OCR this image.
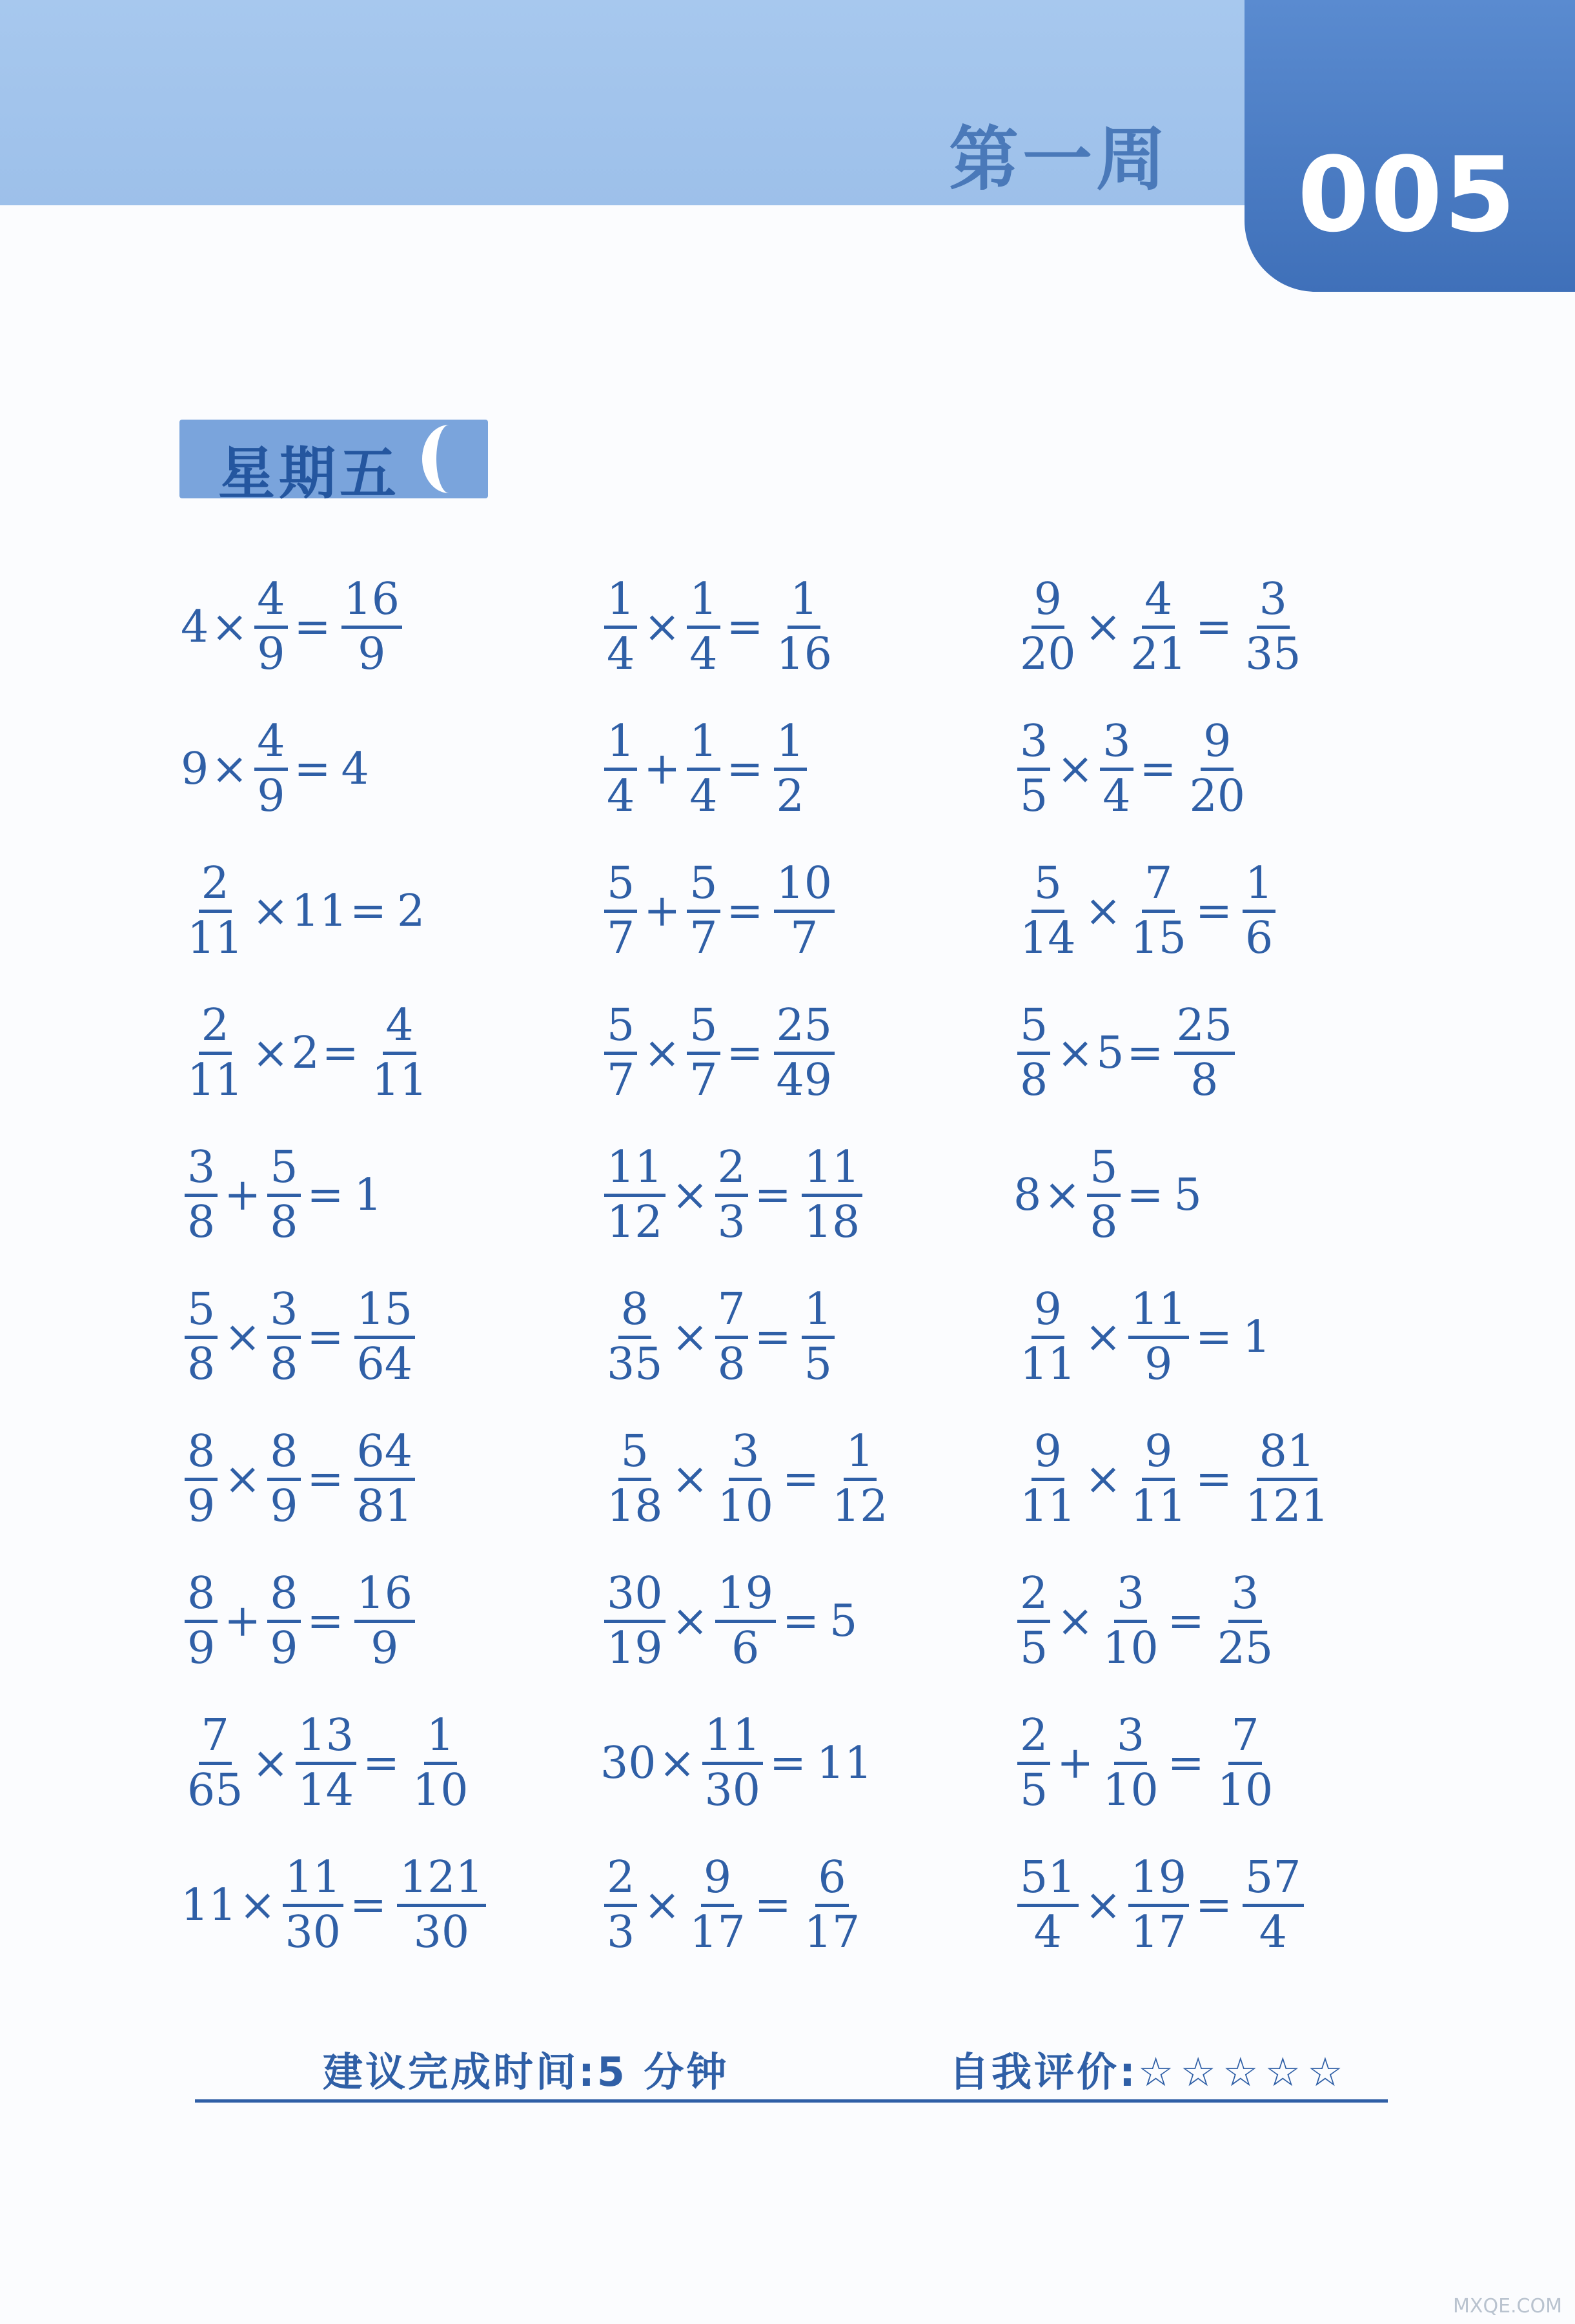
第一周 005
星期五
$4 \times \frac{4}{9} = \frac{16}{9}$
$9 \times \frac{4}{9} = 4$
$\frac{2}{11} \times 11 = 2$
$\frac{2}{11} \times 2 = \frac{4}{11}$
$\frac{3}{8} + \frac{5}{8} = 1$
$\frac{5}{8} \times \frac{3}{8} = \frac{15}{64}$
$\frac{8}{9} \times \frac{8}{9} = \frac{64}{81}$
$\frac{8}{9} + \frac{8}{9} = \frac{16}{9}$
$\frac{7}{65} \times \frac{13}{14} = \frac{1}{10}$
$11 \times \frac{11}{30} = \frac{121}{30}$
$\frac{1}{4} \times \frac{1}{4} = \frac{1}{16}$
$\frac{1}{4} + \frac{1}{4} = \frac{1}{2}$
$\frac{5}{7} + \frac{5}{7} = \frac{10}{7}$
$\frac{5}{7} \times \frac{5}{7} = \frac{25}{49}$
$\frac{11}{12} \times \frac{2}{3} = \frac{11}{18}$
$\frac{8}{35} \times \frac{7}{8} = \frac{1}{5}$
$\frac{5}{18} \times \frac{3}{10} = \frac{1}{12}$
$\frac{30}{19} \times \frac{19}{6} = 5$
$30 \times \frac{11}{30} = 11$
$\frac{2}{3} \times \frac{9}{17} = \frac{6}{17}$
$\frac{9}{20} \times \frac{4}{21} = \frac{3}{35}$
$\frac{3}{5} \times \frac{3}{4} = \frac{9}{20}$
$\frac{5}{14} \times \frac{7}{15} = \frac{1}{6}$
$\frac{5}{8} \times 5 = \frac{25}{8}$
$8 \times \frac{5}{8} = 5$
$\frac{9}{11} \times \frac{11}{9} = 1$
$\frac{9}{11} \times \frac{9}{11} = \frac{81}{121}$
$\frac{2}{5} \times \frac{3}{10} = \frac{3}{25}$
$\frac{2}{5} + \frac{3}{10} = \frac{7}{10}$
$\frac{51}{4} \times \frac{19}{17} = \frac{57}{4}$
建议完成时间:5 分钟	自我评价:☆☆☆☆☆
MXQE.COM
